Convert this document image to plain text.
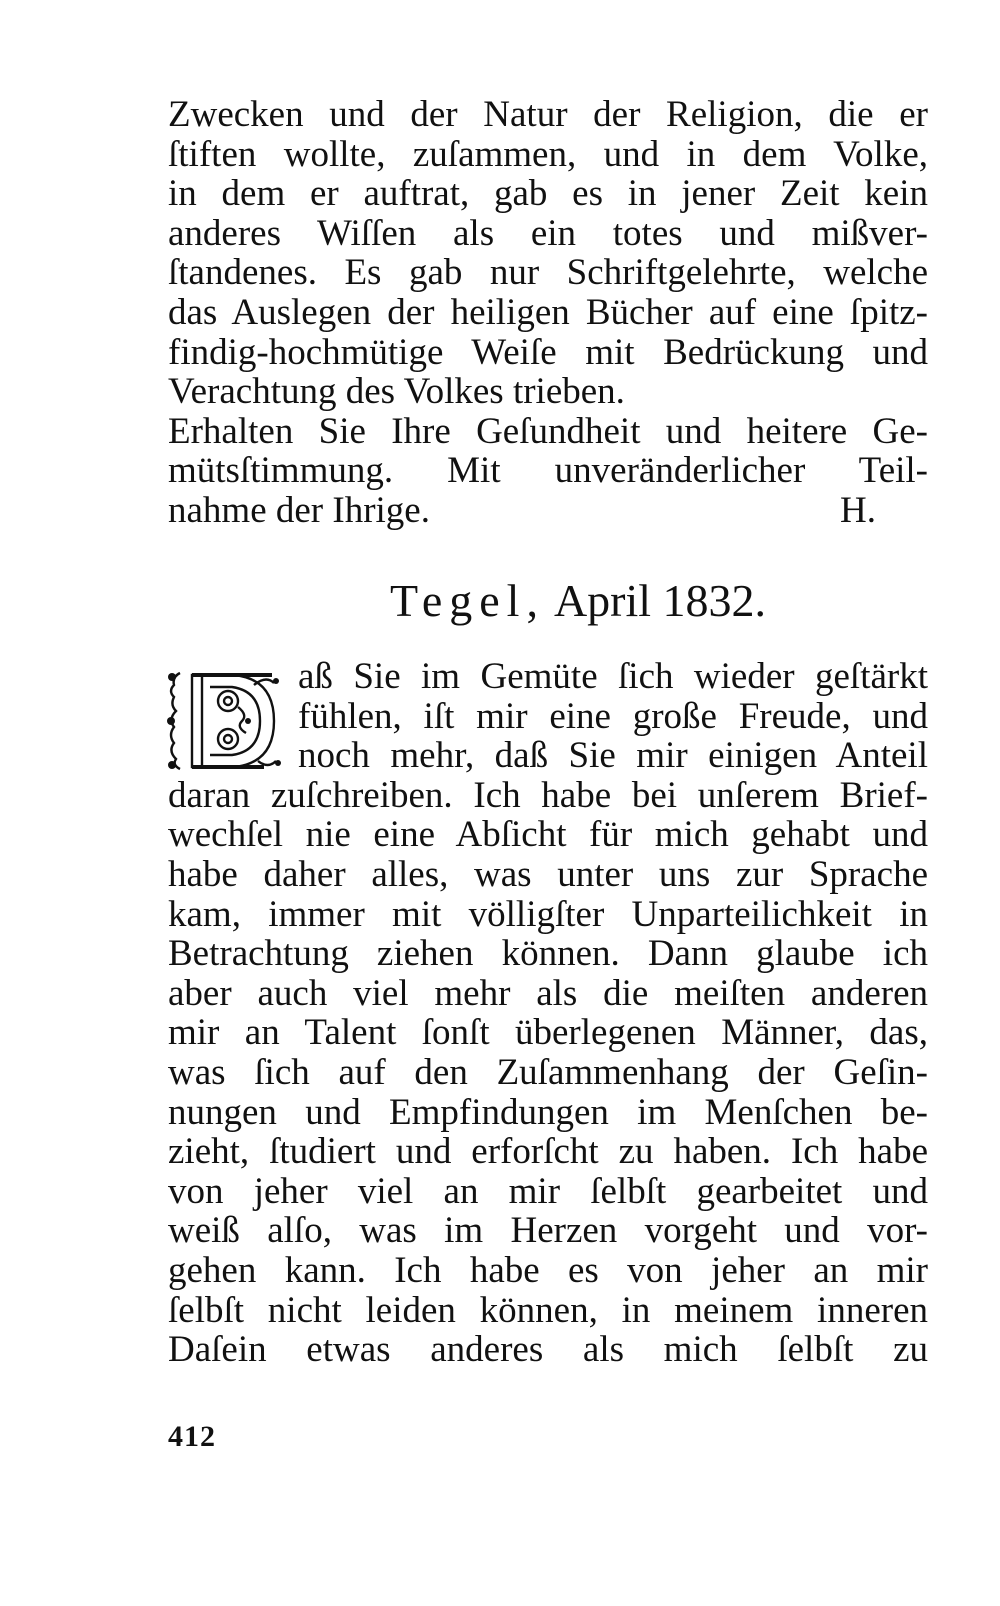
Zwecken und der Natur der Religion, die er
ſtiften wollte, zuſammen, und in dem Volke,
in dem er auftrat, gab es in jener Zeit kein
anderes Wiſſen als ein totes und mißver-
ſtandenes. Es gab nur Schriftgelehrte, welche
das Auslegen der heiligen Bücher auf eine ſpitz-
findig-hochmütige Weiſe mit Bedrückung und
Verachtung des Volkes trieben.
Erhalten Sie Ihre Geſundheit und heitere Ge-
mütsſtimmung. Mit unveränderlicher Teil-
nahme der Ihrige.	H.
Tegel, April 1832.
aß Sie im Gemüte ſich wieder geſtärkt
fühlen, iſt mir eine große Freude, und
noch mehr, daß Sie mir einigen Anteil
daran zuſchreiben. Ich habe bei unſerem Brief-
wechſel nie eine Abſicht für mich gehabt und
habe daher alles, was unter uns zur Sprache
kam, immer mit völligſter Unparteilichkeit in
Betrachtung ziehen können. Dann glaube ich
aber auch viel mehr als die meiſten anderen
mir an Talent ſonſt überlegenen Männer, das,
was ſich auf den Zuſammenhang der Geſin-
nungen und Empfindungen im Menſchen be-
zieht, ſtudiert und erforſcht zu haben. Ich habe
von jeher viel an mir ſelbſt gearbeitet und
weiß alſo, was im Herzen vorgeht und vor-
gehen kann. Ich habe es von jeher an mir
ſelbſt nicht leiden können, in meinem inneren
Daſein etwas anderes als mich ſelbſt zu
412
